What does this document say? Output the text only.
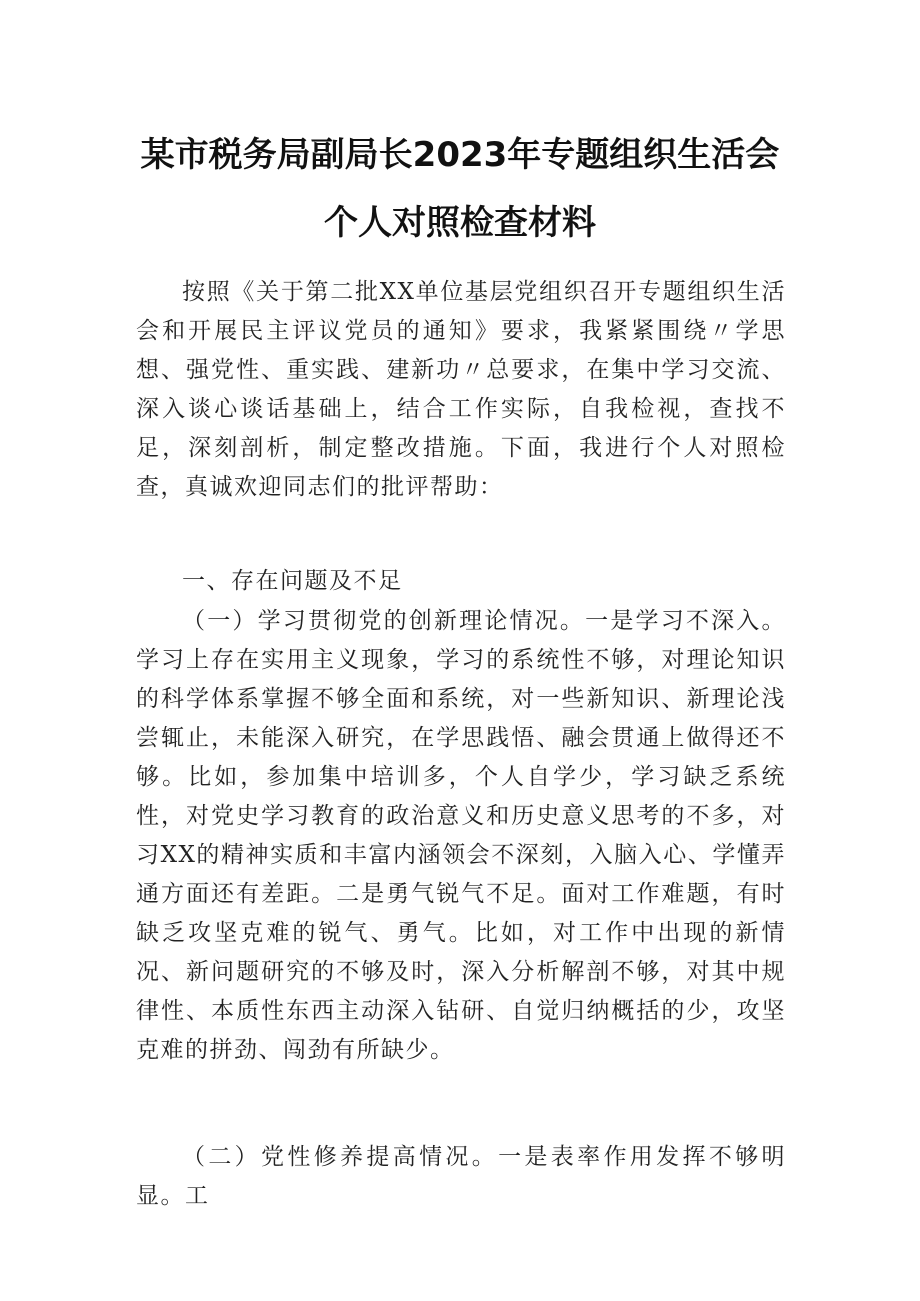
某市税务局副局长2023年专题组织生活会
个人对照检查材料

按照《关于第二批XX单位基层党组织召开专题组织生活会和开展民主评议党员的通知》要求，我紧紧围绕〃学思想、强党性、重实践、建新功〃总要求，在集中学习交流、深入谈心谈话基础上，结合工作实际，自我检视，查找不足，深刻剖析，制定整改措施。下面，我进行个人对照检查，真诚欢迎同志们的批评帮助：

一、存在问题及不足

（一）学习贯彻党的创新理论情况。一是学习不深入。学习上存在实用主义现象，学习的系统性不够，对理论知识的科学体系掌握不够全面和系统，对一些新知识、新理论浅尝辄止，未能深入研究，在学思践悟、融会贯通上做得还不够。比如，参加集中培训多，个人自学少，学习缺乏系统性，对党史学习教育的政治意义和历史意义思考的不多，对习XX的精神实质和丰富内涵领会不深刻，入脑入心、学懂弄通方面还有差距。二是勇气锐气不足。面对工作难题，有时缺乏攻坚克难的锐气、勇气。比如，对工作中出现的新情况、新问题研究的不够及时，深入分析解剖不够，对其中规律性、本质性东西主动深入钻研、自觉归纳概括的少，攻坚克难的拼劲、闯劲有所缺少。

（二）党性修养提高情况。一是表率作用发挥不够明显。工
